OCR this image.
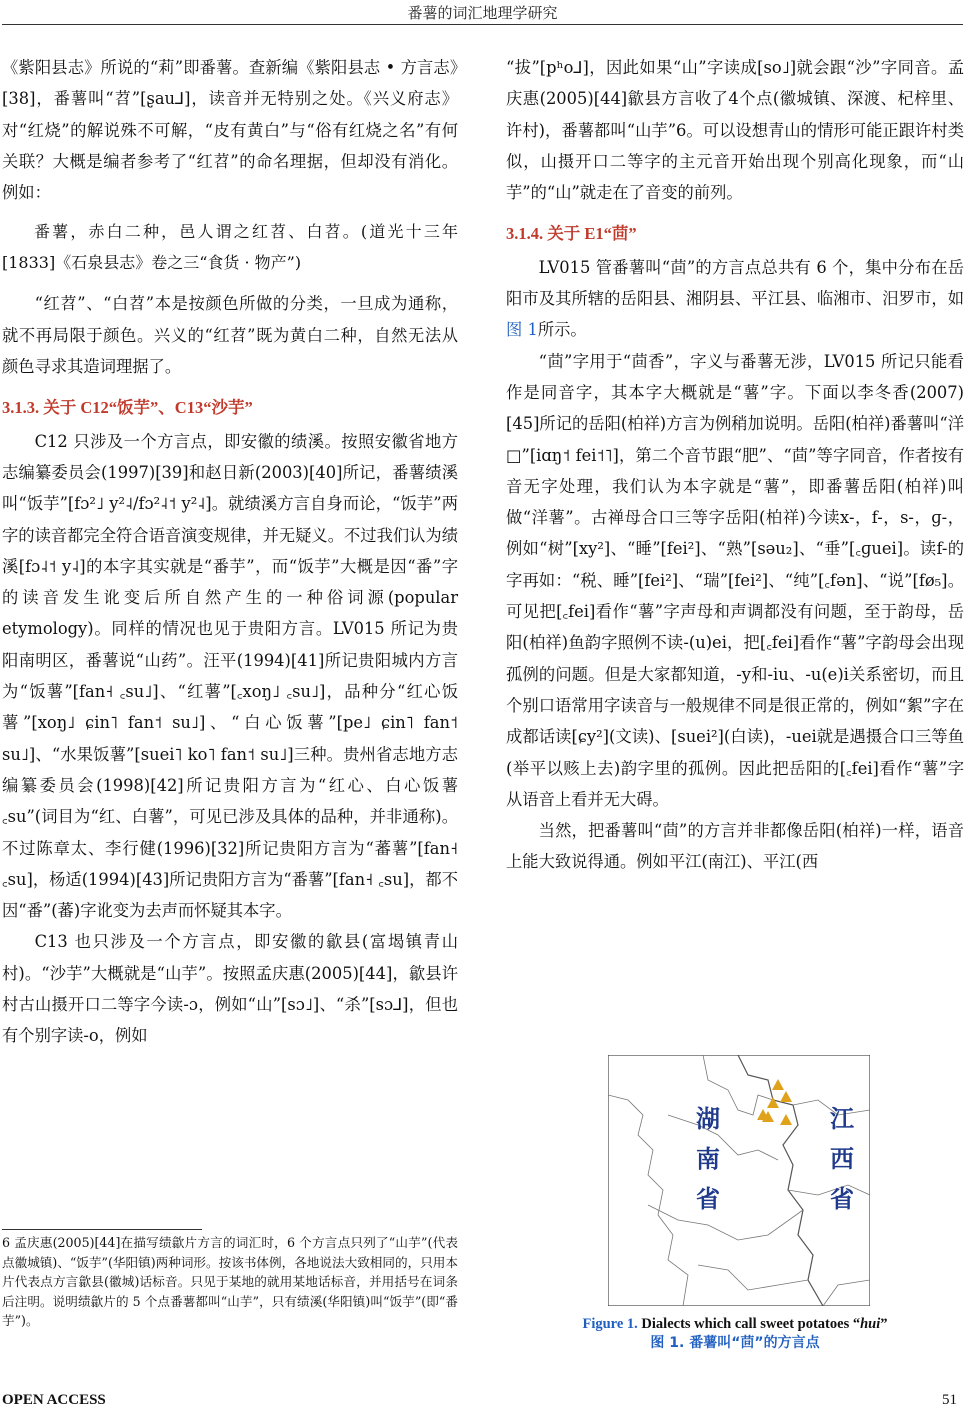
番薯的词汇地理学研究

《紫阳县志》所说的“莉”即番薯。查新编《紫阳县志 • 方言志》[38]，番薯叫“苕”[ʂau⅃]，读音并无特别之处。《兴义府志》对“红烧”的解说殊不可解，“皮有黄白”与“俗有红烧之名”有何关联？大概是编者参考了“红苕”的命名理据，但却没有消化。例如：

番薯，赤白二种，邑人谓之红苕、白苕。(道光十三年[1833]《石泉县志》卷之三“食货 · 物产”)

“红苕”、“白苕”本是按颜色所做的分类，一旦成为通称，就不再局限于颜色。兴义的“红苕”既为黄白二种，自然无法从颜色寻求其造词理据了。

3.1.3. 关于 C12“饭芋”、C13“沙芋”

C12 只涉及一个方言点，即安徽的绩溪。按照安徽省地方志编纂委员会(1997)[39]和赵日新(2003)[40]所记，番薯绩溪叫“饭芋”[fɔ²˩ y²˨/fɔ²˨˦ y²˨]。就绩溪方言自身而论，“饭芋”两字的读音都完全符合语音演变规律，并无疑义。不过我们认为绩溪[fɔ˨˦ y˨]的本字其实就是“番芋”，而“饭芋”大概是因“番”字的读音发生讹变后所自然产生的一种俗词源(popular etymology)。同样的情况也见于贵阳方言。LV015 所记为贵阳南明区，番薯说“山药”。汪平(1994)[41]所记贵阳城内方言为“饭薯”[fan˧ ꜀su˩]、“红薯”[꜀xoŋ˩ ꜀su˩]，品种分“红心饭薯”[xoŋ˩ ɕin˥ fan˦ su˩]、“白心饭薯”[pe˩ ɕin˥ fan˦ su˩]、“水果饭薯”[suei˥ ko˥ fan˦ su˩]三种。贵州省志地方志编纂委员会(1998)[42]所记贵阳方言为“红心、白心饭薯꜀su”(词目为“红、白薯”，可见已涉及具体的品种，并非通称)。不过陈章太、李行健(1996)[32]所记贵阳方言为“蕃薯”[fan˧ ꜀su]，杨适(1994)[43]所记贵阳方言为“番薯”[fan˧ ꜀su]，都不因“番”(蕃)字讹变为去声而怀疑其本字。

C13 也只涉及一个方言点，即安徽的歙县(富堨镇青山村)。“沙芋”大概就是“山芋”。按照孟庆惠(2005)[44]，歙县许村古山摄开口二等字今读-ɔ，例如“山”[sɔ˩]、“杀”[sɔ⅃]，但也有个别字读-o，例如

“拔”[pʰo⅃]，因此如果“山”字读成[so˩]就会跟“沙”字同音。孟庆惠(2005)[44]歙县方言收了4个点(徽城镇、深渡、杞梓里、许村)，番薯都叫“山芋”6。可以设想青山的情形可能正跟许村类似，山摄开口二等字的主元音开始出现个别高化现象，而“山芋”的“山”就走在了音变的前列。

3.1.4. 关于 E1“茴”

LV015 管番薯叫“茴”的方言点总共有 6 个，集中分布在岳阳市及其所辖的岳阳县、湘阴县、平江县、临湘市、汨罗市，如图 1所示。

“茴”字用于“茴香”，字义与番薯无涉，LV015 所记只能看作是同音字，其本字大概就是“薯”字。下面以李冬香(2007)[45]所记的岳阳(柏祥)方言为例稍加说明。岳阳(柏祥)番薯叫“洋□”[iɑŋ˦ fei˦˥]，第二个音节跟“肥”、“茴”等字同音，作者按有音无字处理，我们认为本字就是“薯”，即番薯岳阳(柏祥)叫做“洋薯”。古禅母合口三等字岳阳(柏祥)今读x-，f-，s-，ɡ-，例如“树”[xy²]、“睡”[fei²]、“熟”[səu₂]、“垂”[꜀ɡuei]。读f-的字再如：“税、睡”[fei²]、“瑞”[fei²]、“纯”[꜀fən]、“说”[fø₅]。可见把[꜀fei]看作“薯”字声母和声调都没有问题，至于韵母，岳阳(柏祥)鱼韵字照例不读-(u)ei，把[꜀fei]看作“薯”字韵母会出现孤例的问题。但是大家都知道，-y和-iu、-u(e)i关系密切，而且个别口语常用字读音与一般规律不同是很正常的，例如“絮”字在成都话读[ɕy²](文读)、[suei²](白读)，-uei就是遇摄合口三等鱼(举平以赅上去)韵字里的孤例。因此把岳阳的[꜀fei]看作“薯”字从语音上看并无大碍。

当然，把番薯叫“茴”的方言并非都像岳阳(柏祥)一样，语音上能大致说得通。例如平江(南江)、平江(西

6 孟庆惠(2005)[44]在描写绩歙片方言的词汇时，6 个方言点只列了“山芋”(代表点徽城镇)、“饭芋”(华阳镇)两种词形。按该书体例，各地说法大致相同的，只用本片代表点方言歙县(徽城)话标音。只见于某地的就用某地话标音，并用括号在词条后注明。说明绩歙片的 5 个点番薯都叫“山芋”，只有绩溪(华阳镇)叫“饭芋”(即“番芋”)。
湖
南
省
江
西
省
Figure 1. Dialects which call sweet potatoes “hui”
图 1. 番薯叫“茴”的方言点
OPEN ACCESS	51
